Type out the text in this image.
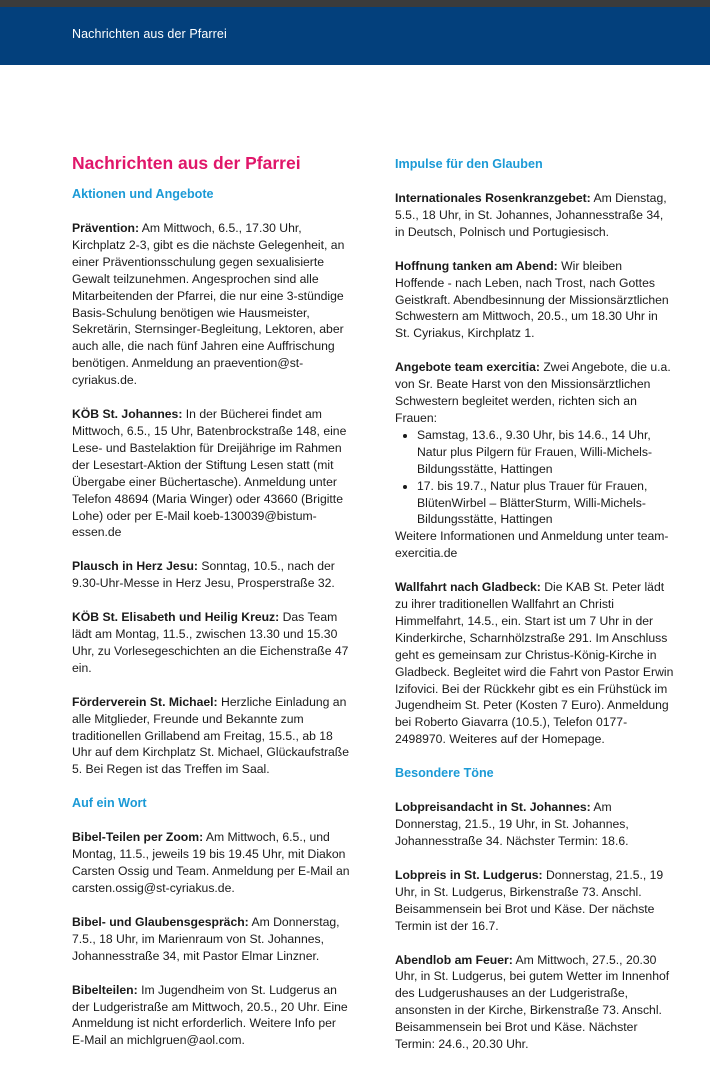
Nachrichten aus der Pfarrei
Nachrichten aus der Pfarrei
Aktionen und Angebote
Prävention: Am Mittwoch, 6.5., 17.30 Uhr, Kirchplatz 2-3, gibt es die nächste Gelegenheit, an einer Präventionsschulung gegen sexualisierte Gewalt teilzunehmen. Angesprochen sind alle Mitarbeitenden der Pfarrei, die nur eine 3-stündige Basis-Schulung benötigen wie Hausmeister, Sekretärin, Sternsinger-Begleitung, Lektoren, aber auch alle, die nach fünf Jahren eine Auffrischung benötigen. Anmeldung an praevention@st-cyriakus.de.
KÖB St. Johannes: In der Bücherei findet am Mittwoch, 6.5., 15 Uhr, Batenbrockstraße 148, eine Lese- und Bastelaktion für Dreijährige im Rahmen der Lesestart-Aktion der Stiftung Lesen statt (mit Übergabe einer Büchertasche). Anmeldung unter Telefon 48694 (Maria Winger) oder 43660 (Brigitte Lohe) oder per E-Mail koeb-130039@bistum-essen.de
Plausch in Herz Jesu: Sonntag, 10.5., nach der 9.30-Uhr-Messe in Herz Jesu, Prosperstraße 32.
KÖB St. Elisabeth und Heilig Kreuz: Das Team lädt am Montag, 11.5., zwischen 13.30 und 15.30 Uhr, zu Vorlesegeschichten an die Eichenstraße 47 ein.
Förderverein St. Michael: Herzliche Einladung an alle Mitglieder, Freunde und Bekannte zum traditionellen Grillabend am Freitag, 15.5., ab 18 Uhr auf dem Kirchplatz St. Michael, Glückaufstraße 5. Bei Regen ist das Treffen im Saal.
Auf ein Wort
Bibel-Teilen per Zoom: Am Mittwoch, 6.5., und Montag, 11.5., jeweils 19 bis 19.45 Uhr, mit Diakon Carsten Ossig und Team. Anmeldung per E-Mail an carsten.ossig@st-cyriakus.de.
Bibel- und Glaubensgespräch: Am Donnerstag, 7.5., 18 Uhr, im Marienraum von St. Johannes, Johannesstraße 34, mit Pastor Elmar Linzner.
Bibelteilen: Im Jugendheim von St. Ludgerus an der Ludgeristraße am Mittwoch, 20.5., 20 Uhr. Eine Anmeldung ist nicht erforderlich. Weitere Info per E-Mail an michlgruen@aol.com.
Impulse für den Glauben
Internationales Rosenkranzgebet: Am Dienstag, 5.5., 18 Uhr, in St. Johannes, Johannesstraße 34, in Deutsch, Polnisch und Portugiesisch.
Hoffnung tanken am Abend: Wir bleiben Hoffende - nach Leben, nach Trost, nach Gottes Geistkraft. Abendbesinnung der Missionsärztlichen Schwestern am Mittwoch, 20.5., um 18.30 Uhr in St. Cyriakus, Kirchplatz 1.
Angebote team exercitia: Zwei Angebote, die u.a. von Sr. Beate Harst von den Missionsärztlichen Schwestern begleitet werden, richten sich an Frauen:
• Samstag, 13.6., 9.30 Uhr, bis 14.6., 14 Uhr, Natur plus Pilgern für Frauen, Willi-Michels-Bildungsstätte, Hattingen
• 17. bis 19.7., Natur plus Trauer für Frauen, BlütenWirbel – BlätterSturm, Willi-Michels-Bildungsstätte, Hattingen
Weitere Informationen und Anmeldung unter team-exercitia.de
Wallfahrt nach Gladbeck: Die KAB St. Peter lädt zu ihrer traditionellen Wallfahrt an Christi Himmelfahrt, 14.5., ein. Start ist um 7 Uhr in der Kinderkirche, Scharnhölzstraße 291. Im Anschluss geht es gemeinsam zur Christus-König-Kirche in Gladbeck. Begleitet wird die Fahrt von Pastor Erwin Izifovici. Bei der Rückkehr gibt es ein Frühstück im Jugendheim St. Peter (Kosten 7 Euro). Anmeldung bei Roberto Giavarra (10.5.), Telefon 0177-2498970. Weiteres auf der Homepage.
Besondere Töne
Lobpreisandacht in St. Johannes: Am Donnerstag, 21.5., 19 Uhr, in St. Johannes, Johannesstraße 34. Nächster Termin: 18.6.
Lobpreis in St. Ludgerus: Donnerstag, 21.5., 19 Uhr, in St. Ludgerus, Birkenstraße 73. Anschl. Beisammensein bei Brot und Käse. Der nächste Termin ist der 16.7.
Abendlob am Feuer: Am Mittwoch, 27.5., 20.30 Uhr, in St. Ludgerus, bei gutem Wetter im Innenhof des Ludgerushauses an der Ludgeristraße, ansonsten in der Kirche, Birkenstraße 73. Anschl. Beisammensein bei Brot und Käse. Nächster Termin: 24.6., 20.30 Uhr.
